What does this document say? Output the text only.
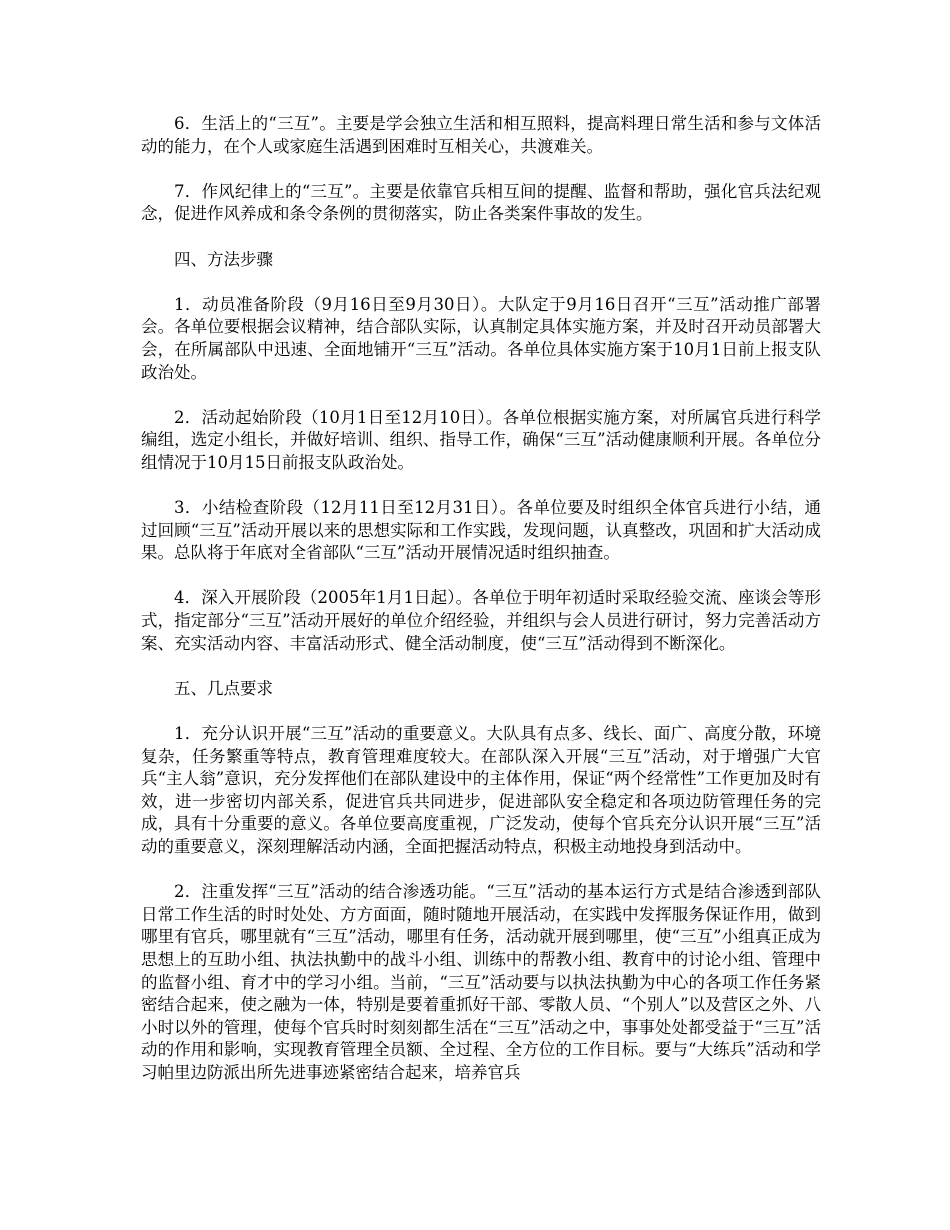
6．生活上的“三互”。主要是学会独立生活和相互照料，提高料理日常生活和参与文体活动的能力，在个人或家庭生活遇到困难时互相关心，共渡难关。

7．作风纪律上的“三互”。主要是依靠官兵相互间的提醒、监督和帮助，强化官兵法纪观念，促进作风养成和条令条例的贯彻落实，防止各类案件事故的发生。

四、方法步骤

1．动员准备阶段（9月16日至9月30日）。大队定于9月16日召开“三互”活动推广部署会。各单位要根据会议精神，结合部队实际，认真制定具体实施方案，并及时召开动员部署大会，在所属部队中迅速、全面地铺开“三互”活动。各单位具体实施方案于10月1日前上报支队政治处。

2．活动起始阶段（10月1日至12月10日）。各单位根据实施方案，对所属官兵进行科学编组，选定小组长，并做好培训、组织、指导工作，确保“三互”活动健康顺利开展。各单位分组情况于10月15日前报支队政治处。

3．小结检查阶段（12月11日至12月31日）。各单位要及时组织全体官兵进行小结，通过回顾“三互”活动开展以来的思想实际和工作实践，发现问题，认真整改，巩固和扩大活动成果。总队将于年底对全省部队“三互”活动开展情况适时组织抽查。

4．深入开展阶段（2005年1月1日起）。各单位于明年初适时采取经验交流、座谈会等形式，指定部分“三互”活动开展好的单位介绍经验，并组织与会人员进行研讨，努力完善活动方案、充实活动内容、丰富活动形式、健全活动制度，使“三互”活动得到不断深化。

五、几点要求

1．充分认识开展“三互”活动的重要意义。大队具有点多、线长、面广、高度分散，环境复杂，任务繁重等特点，教育管理难度较大。在部队深入开展“三互”活动，对于增强广大官兵“主人翁”意识，充分发挥他们在部队建设中的主体作用，保证“两个经常性”工作更加及时有效，进一步密切内部关系，促进官兵共同进步，促进部队安全稳定和各项边防管理任务的完成，具有十分重要的意义。各单位要高度重视，广泛发动，使每个官兵充分认识开展“三互”活动的重要意义，深刻理解活动内涵，全面把握活动特点，积极主动地投身到活动中。

2．注重发挥“三互”活动的结合渗透功能。“三互”活动的基本运行方式是结合渗透到部队日常工作生活的时时处处、方方面面，随时随地开展活动，在实践中发挥服务保证作用，做到哪里有官兵，哪里就有“三互”活动，哪里有任务，活动就开展到哪里，使“三互”小组真正成为思想上的互助小组、执法执勤中的战斗小组、训练中的帮教小组、教育中的讨论小组、管理中的监督小组、育才中的学习小组。当前，“三互”活动要与以执法执勤为中心的各项工作任务紧密结合起来，使之融为一体，特别是要着重抓好干部、零散人员、“个别人”以及营区之外、八小时以外的管理，使每个官兵时时刻刻都生活在“三互”活动之中，事事处处都受益于“三互”活动的作用和影响，实现教育管理全员额、全过程、全方位的工作目标。要与“大练兵”活动和学习帕里边防派出所先进事迹紧密结合起来，培养官兵
